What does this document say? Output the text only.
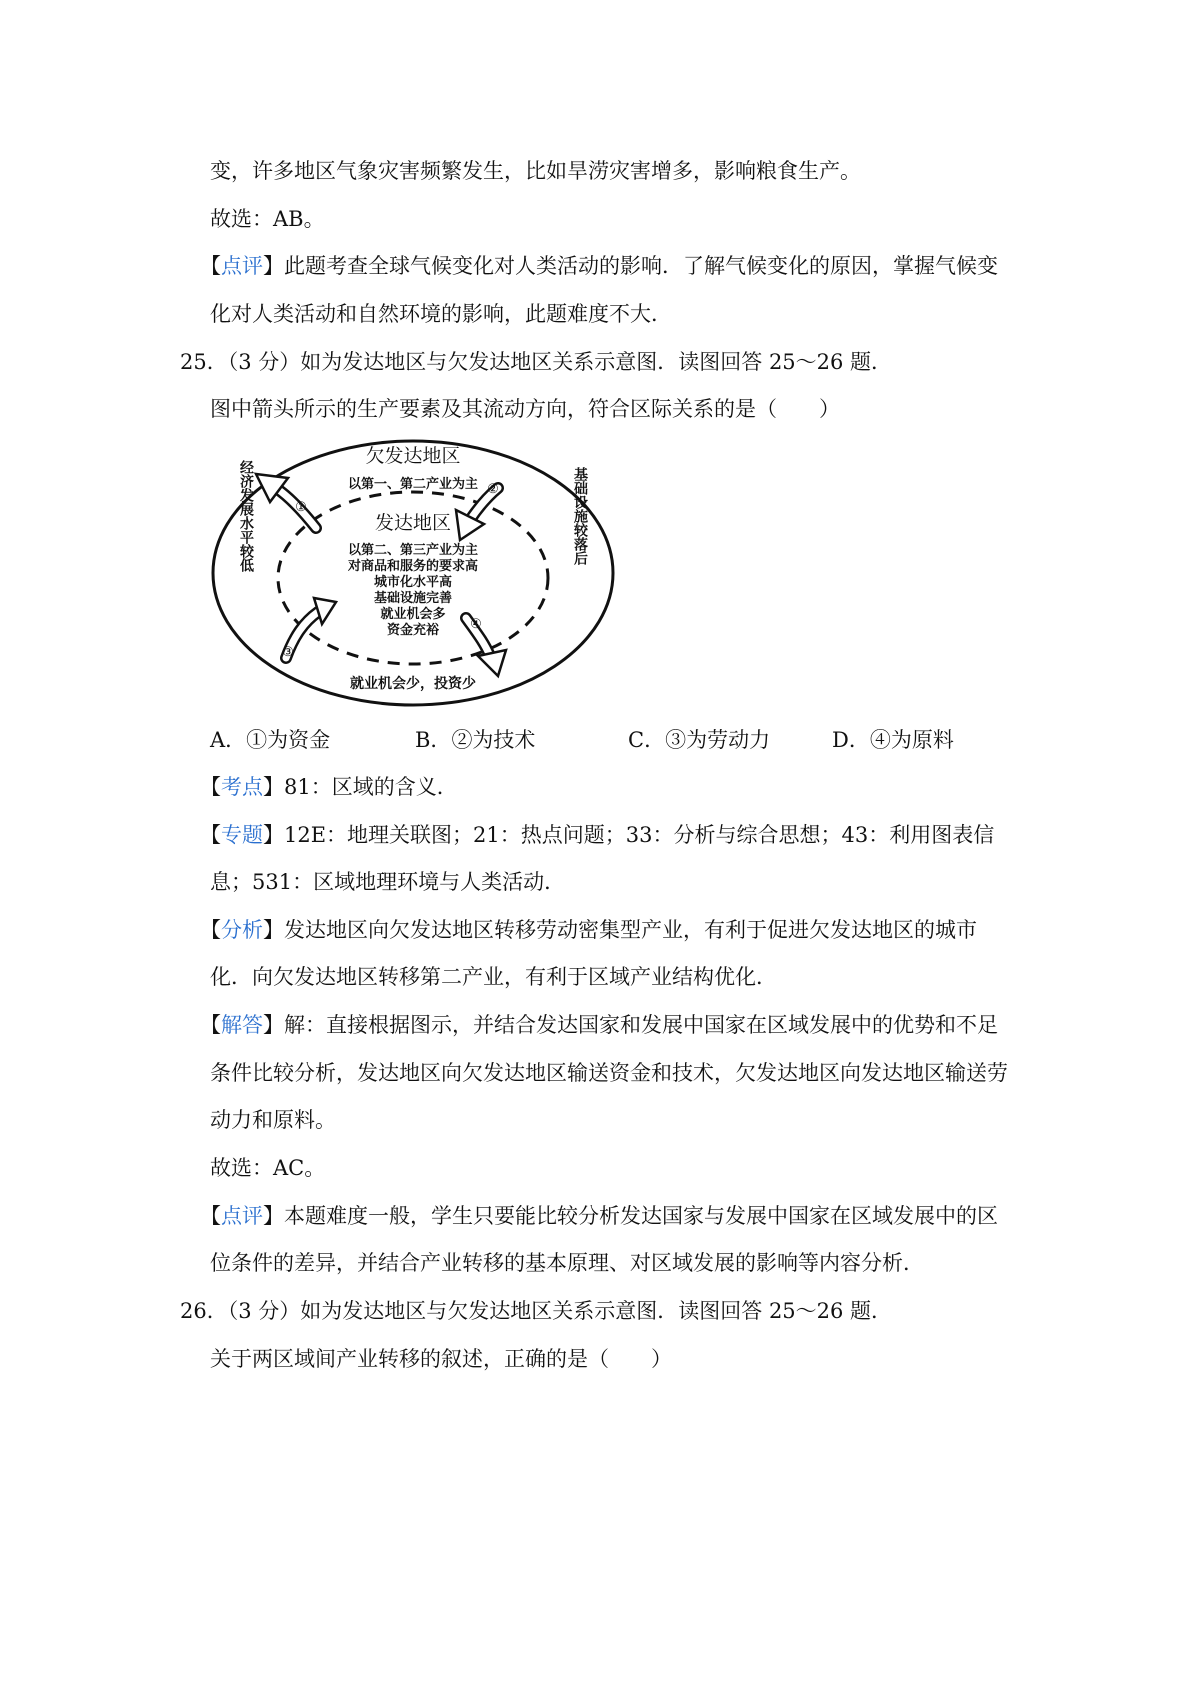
变，许多地区气象灾害频繁发生，比如旱涝灾害增多，影响粮食生产。
故选：AB。
【点评】此题考查全球气候变化对人类活动的影响．了解气候变化的原因，掌握气候变
化对人类活动和自然环境的影响，此题难度不大．
25．（3 分）如为发达地区与欠发达地区关系示意图．读图回答 25～26 题．
图中箭头所示的生产要素及其流动方向，符合区际关系的是（　　）
欠发达地区
以第一、第二产业为主
发达地区
以第二、第三产业为主
对商品和服务的要求高
城市化水平高
基础设施完善
就业机会多
资金充裕
经济发展水平较低	基础设施较落后
就业机会少，投资少
①
②
③
④
A．①为资金	B．②为技术	C．③为劳动力	D．④为原料
【考点】81：区域的含义．
【专题】12E：地理关联图；21：热点问题；33：分析与综合思想；43：利用图表信
息；531：区域地理环境与人类活动．
【分析】发达地区向欠发达地区转移劳动密集型产业，有利于促进欠发达地区的城市
化．向欠发达地区转移第二产业，有利于区域产业结构优化．
【解答】解：直接根据图示，并结合发达国家和发展中国家在区域发展中的优势和不足
条件比较分析，发达地区向欠发达地区输送资金和技术，欠发达地区向发达地区输送劳
动力和原料。
故选：AC。
【点评】本题难度一般，学生只要能比较分析发达国家与发展中国家在区域发展中的区
位条件的差异，并结合产业转移的基本原理、对区域发展的影响等内容分析．
26．（3 分）如为发达地区与欠发达地区关系示意图．读图回答 25～26 题．
关于两区域间产业转移的叙述，正确的是（　　）
